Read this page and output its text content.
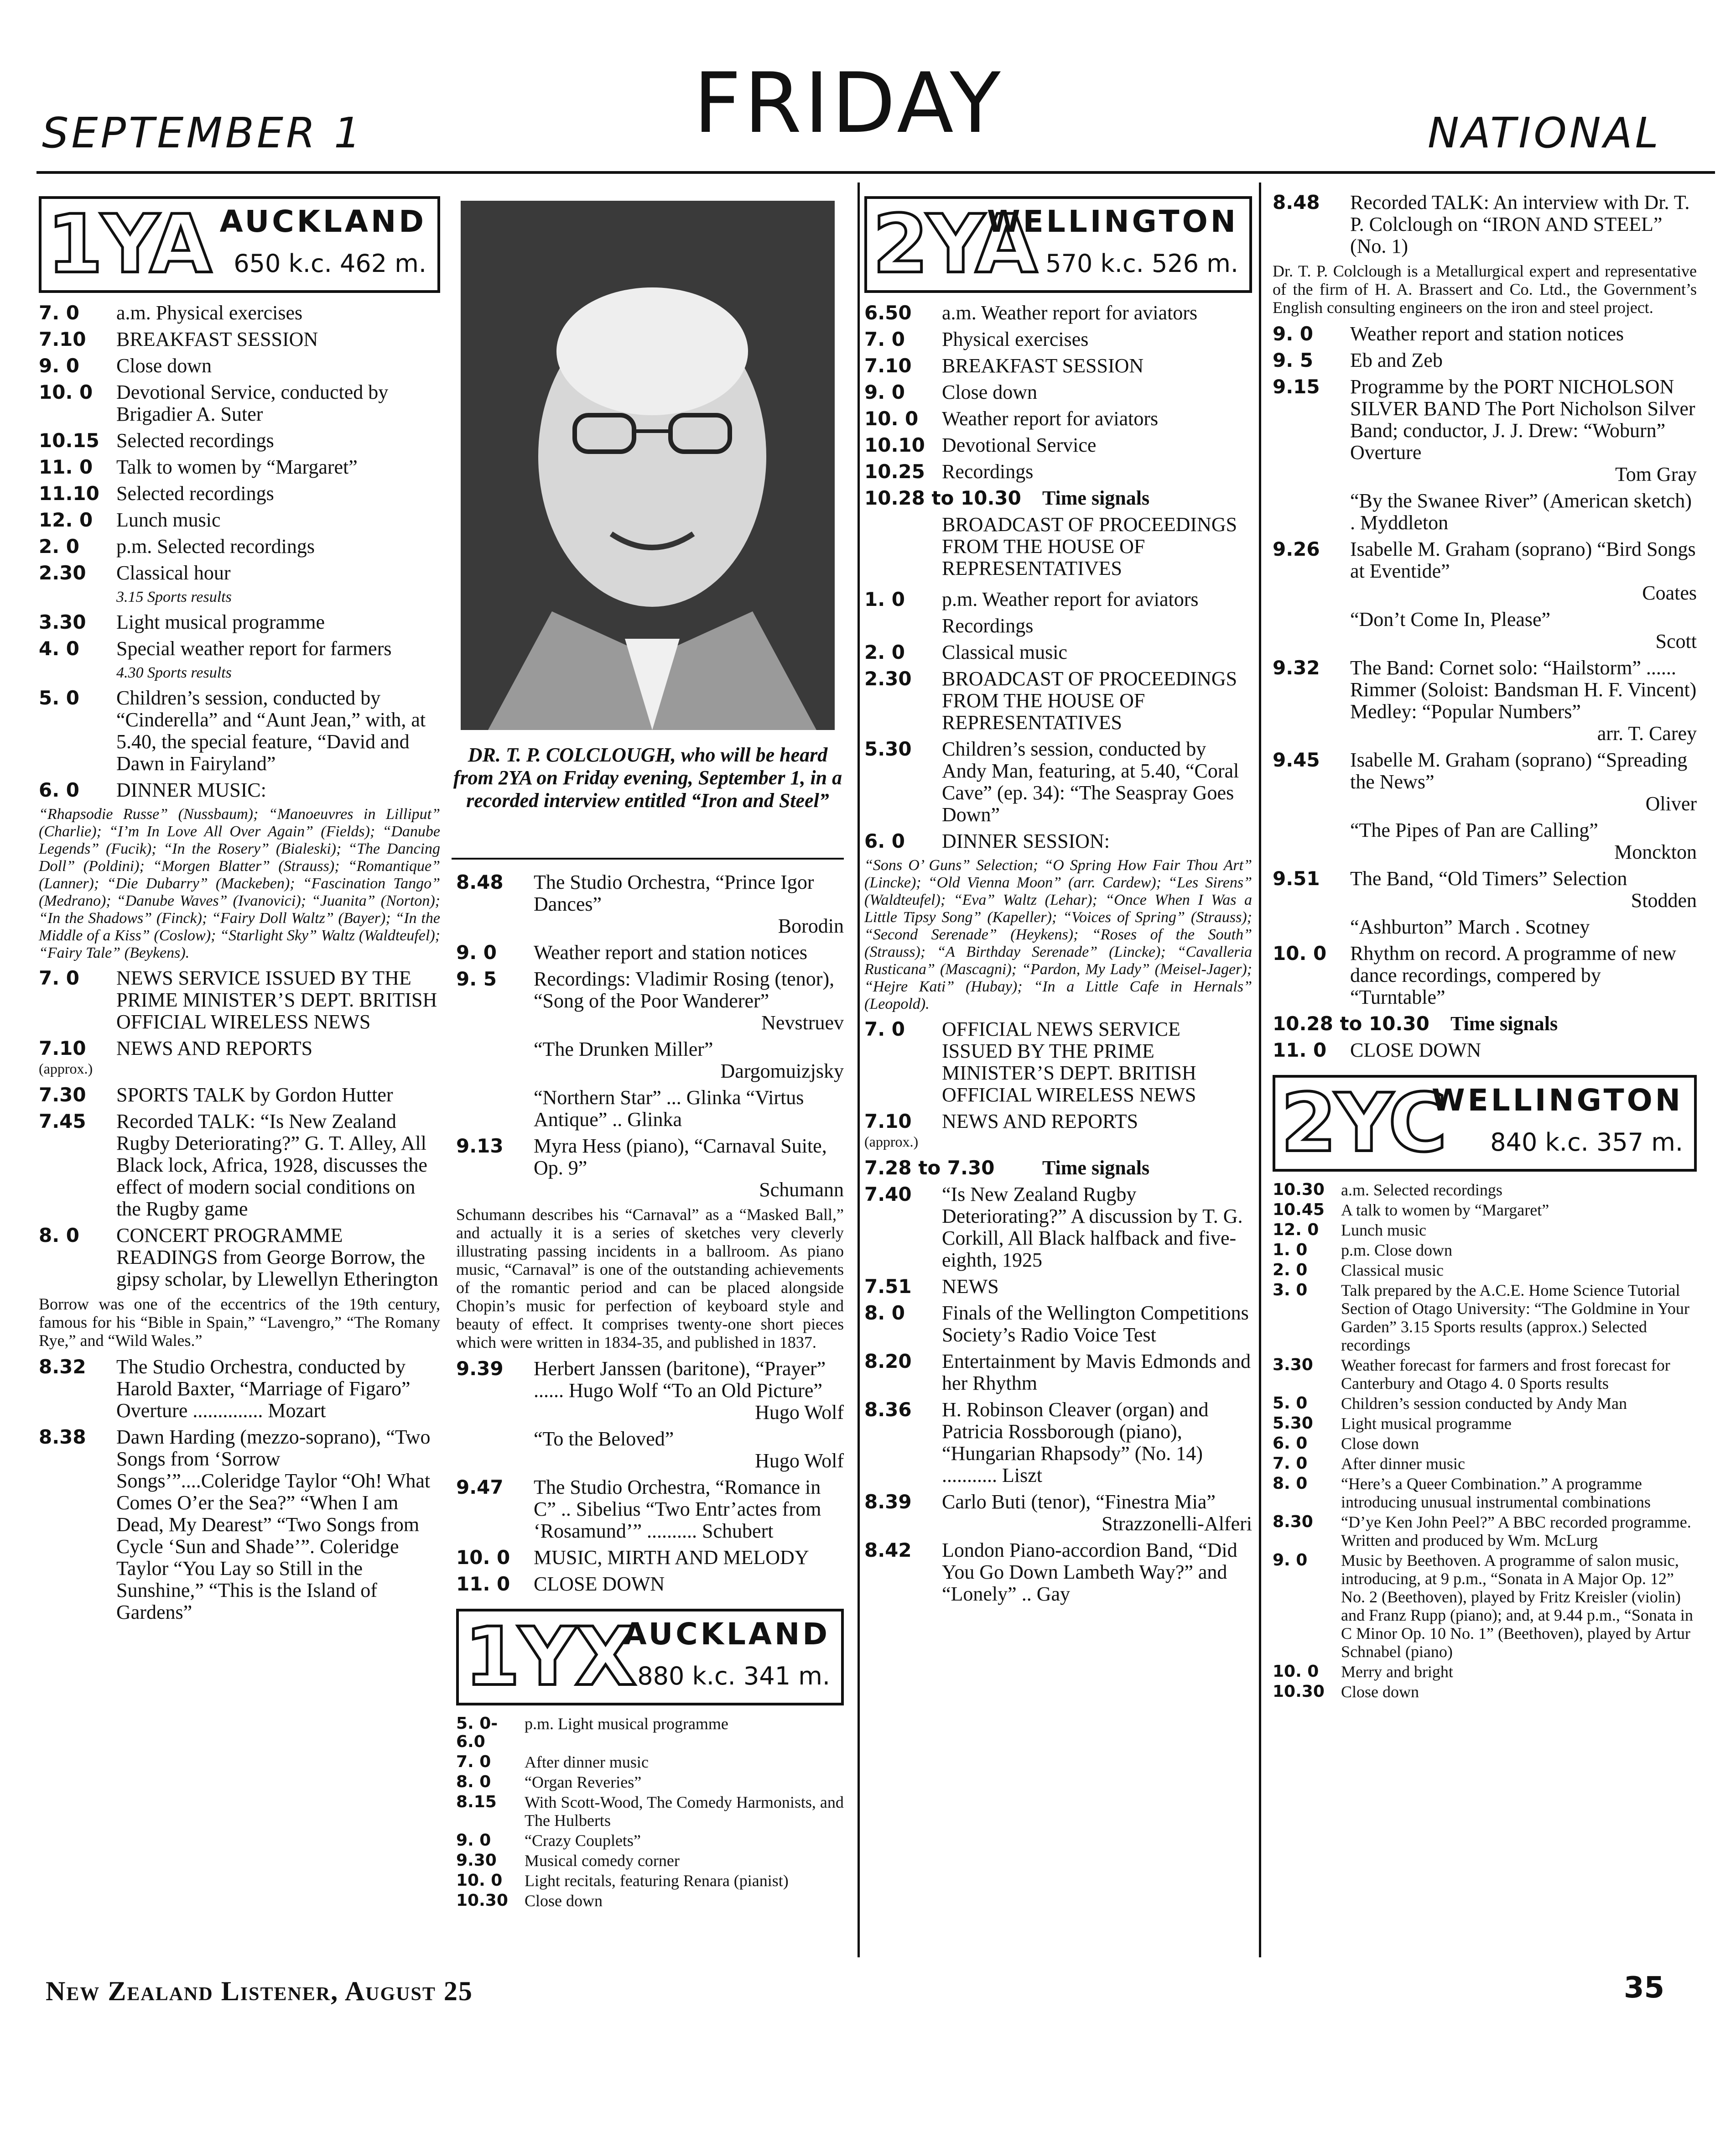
SEPTEMBER 1	FRIDAY	NATIONAL
1YA AUCKLAND
650 k.c. 462 m.
7. 0	a.m. Physical exercises
7.10	BREAKFAST SESSION
9. 0	Close down
10. 0	Devotional Service, conducted by Brigadier A. Suter
10.15 Selected recordings
11. 0	Talk to women by “Margaret”
11.10 Selected recordings
12. 0	Lunch music
2. 0	p.m. Selected recordings
2.30	Classical hour
3.15 Sports results
3.30	Light musical programme
4. 0	Special weather report for farmers
4.30 Sports results
5. 0	Children’s session, conducted by “Cinderella” and “Aunt Jean,” with, at 5.40, the special feature, “David and Dawn in Fairyland”
6. 0	DINNER MUSIC:
“Rhapsodie Russe” (Nussbaum); “Manoeuvres in Lilliput” (Charlie); “I’m In Love All Over Again” (Fields); “Danube Legends” (Fucik); “In the Rosery” (Bialeski); “The Dancing Doll” (Poldini); “Morgen Blatter” (Strauss); “Romantique” (Lanner); “Die Dubarry” (Mackeben); “Fascination Tango” (Medrano); “Danube Waves” (Ivanovici); “Juanita” (Norton); “In the Shadows” (Finck); “Fairy Doll Waltz” (Bayer); “In the Middle of a Kiss” (Coslow); “Starlight Sky” Waltz (Waldteufel); “Fairy Tale” (Beykens).
7. 0	NEWS SERVICE ISSUED BY THE PRIME MINISTER’S DEPT. BRITISH OFFICIAL WIRELESS NEWS
7.10	NEWS AND REPORTS
(approx.)
7.30	SPORTS TALK by Gordon Hutter
7.45	Recorded TALK: “Is New Zealand Rugby Deteriorating?” G. T. Alley, All Black lock, Africa, 1928, discusses the effect of modern social conditions on the Rugby game
8. 0	CONCERT PROGRAMME READINGS from George Borrow, the gipsy scholar, by Llewellyn Etherington
Borrow was one of the eccentrics of the 19th century, famous for his “Bible in Spain,” “Lavengro,” “The Romany Rye,” and “Wild Wales.”
8.32	The Studio Orchestra, conducted by Harold Baxter, “Marriage of Figaro” Overture .............. Mozart
8.38	Dawn Harding (mezzo-soprano), “Two Songs from ‘Sorrow Songs’”....Coleridge Taylor “Oh! What Comes O’er the Sea?” “When I am Dead, My Dearest” “Two Songs from Cycle ‘Sun and Shade’”. Coleridge Taylor “You Lay so Still in the Sunshine,” “This is the Island of Gardens”
DR. T. P. COLCLOUGH, who will be heard from 2YA on Friday evening, September 1, in a recorded interview entitled “Iron and Steel”
8.48	The Studio Orchestra, “Prince Igor Dances”
Borodin
9. 0	Weather report and station notices
9. 5	Recordings: Vladimir Rosing (tenor), “Song of the Poor Wanderer”
Nevstruev
“The Drunken Miller”
Dargomuizjsky
“Northern Star” ... Glinka “Virtus Antique” .. Glinka
9.13	Myra Hess (piano), “Carnaval Suite, Op. 9”
Schumann
Schumann describes his “Carnaval” as a “Masked Ball,” and actually it is a series of sketches very cleverly illustrating passing incidents in a ballroom. As piano music, “Carnaval” is one of the outstanding achievements of the romantic period and can be placed alongside Chopin’s music for perfection of keyboard style and beauty of effect. It comprises twenty-one short pieces which were written in 1834-35, and published in 1837.
9.39	Herbert Janssen (baritone), “Prayer” ...... Hugo Wolf “To an Old Picture”
Hugo Wolf
“To the Beloved”
Hugo Wolf
9.47	The Studio Orchestra, “Romance in C” .. Sibelius “Two Entr’actes from ‘Rosamund’” .......... Schubert
10. 0	MUSIC, MIRTH AND MELODY
11. 0	CLOSE DOWN
1YX
AUCKLAND
880 k.c. 341 m.
5. 0-6.0
p.m. Light musical programme
7. 0	After dinner music
8. 0	“Organ Reveries”
8.15	With Scott-Wood, The Comedy Harmonists, and The Hulberts
9. 0	“Crazy Couplets”
9.30	Musical comedy corner
10. 0	Light recitals, featuring Renara (pianist)
10.30	Close down
2YA
WELLINGTON
570 k.c. 526 m.
6.50	a.m. Weather report for aviators
7. 0	Physical exercises
7.10	BREAKFAST SESSION
9. 0	Close down
10. 0	Weather report for aviators
10.10 Devotional Service
10.25 Recordings
10.28 to 10.30	Time signals
BROADCAST OF PROCEEDINGS FROM THE HOUSE OF REPRESENTATIVES
1. 0	p.m. Weather report for aviators
Recordings
2. 0	Classical music
2.30	BROADCAST OF PROCEEDINGS FROM THE HOUSE OF REPRESENTATIVES
5.30	Children’s session, conducted by Andy Man, featuring, at 5.40, “Coral Cave” (ep. 34): “The Seaspray Goes Down”
6. 0	DINNER SESSION:
“Sons O’ Guns” Selection; “O Spring How Fair Thou Art” (Lincke); “Old Vienna Moon” (arr. Cardew); “Les Sirens” (Waldteufel); “Eva” Waltz (Lehar); “Once When I Was a Little Tipsy Song” (Kapeller); “Voices of Spring” (Strauss); “Second Serenade” (Heykens); “Roses of the South” (Strauss); “A Birthday Serenade” (Lincke); “Cavalleria Rusticana” (Mascagni); “Pardon, My Lady” (Meisel-Jager); “Hejre Kati” (Hubay); “In a Little Cafe in Hernals” (Leopold).
7. 0	OFFICIAL NEWS SERVICE ISSUED BY THE PRIME MINISTER’S DEPT. BRITISH OFFICIAL WIRELESS NEWS
7.10	NEWS AND REPORTS
(approx.)
7.28 to 7.30	Time signals
7.40	“Is New Zealand Rugby Deteriorating?” A discussion by T. G. Corkill, All Black halfback and five-eighth, 1925
7.51	NEWS
8. 0	Finals of the Wellington Competitions Society’s Radio Voice Test
8.20	Entertainment by Mavis Edmonds and her Rhythm
8.36	H. Robinson Cleaver (organ) and Patricia Rossborough (piano), “Hungarian Rhapsody” (No. 14) ........... Liszt
8.39	Carlo Buti (tenor), “Finestra Mia”
Strazzonelli-Alferi
8.42	London Piano-accordion Band, “Did You Go Down Lambeth Way?” and “Lonely” .. Gay
8.48	Recorded TALK: An interview with Dr. T. P. Colclough on “IRON AND STEEL” (No. 1)
Dr. T. P. Colclough is a Metallurgical expert and representative of the firm of H. A. Brassert and Co. Ltd., the Government’s English consulting engineers on the iron and steel project.
9. 0	Weather report and station notices
9. 5	Eb and Zeb
9.15	Programme by the PORT NICHOLSON SILVER BAND The Port Nicholson Silver Band; conductor, J. J. Drew: “Woburn” Overture
Tom Gray
“By the Swanee River” (American sketch) . Myddleton
9.26	Isabelle M. Graham (soprano) “Bird Songs at Eventide”
Coates
“Don’t Come In, Please”
Scott
9.32	The Band: Cornet solo: “Hailstorm” ...... Rimmer (Soloist: Bandsman H. F. Vincent) Medley: “Popular Numbers”
arr. T. Carey
9.45	Isabelle M. Graham (soprano) “Spreading the News”
Oliver
“The Pipes of Pan are Calling”
Monckton
9.51	The Band, “Old Timers” Selection
Stodden
“Ashburton” March . Scotney
10. 0	Rhythm on record. A programme of new dance recordings, compered by “Turntable”
10.28 to 10.30	Time signals
11. 0	CLOSE DOWN
2YC
WELLINGTON
840 k.c. 357 m.
10.30	a.m. Selected recordings
10.45	A talk to women by “Margaret”
12. 0	Lunch music
1. 0	p.m. Close down
2. 0	Classical music
3. 0	Talk prepared by the A.C.E. Home Science Tutorial Section of Otago University: “The Goldmine in Your Garden” 3.15 Sports results (approx.) Selected recordings
3.30	Weather forecast for farmers and frost forecast for Canterbury and Otago 4. 0 Sports results
5. 0	Children’s session conducted by Andy Man
5.30	Light musical programme
6. 0	Close down
7. 0	After dinner music
8. 0	“Here’s a Queer Combination.” A programme introducing unusual instrumental combinations
8.30	“D’ye Ken John Peel?” A BBC recorded programme. Written and produced by Wm. McLurg
9. 0	Music by Beethoven. A programme of salon music, introducing, at 9 p.m., “Sonata in A Major Op. 12” No. 2 (Beethoven), played by Fritz Kreisler (violin) and Franz Rupp (piano); and, at 9.44 p.m., “Sonata in C Minor Op. 10 No. 1” (Beethoven), played by Artur Schnabel (piano)
10. 0	Merry and bright
10.30	Close down
New Zealand Listener, August 25	35
